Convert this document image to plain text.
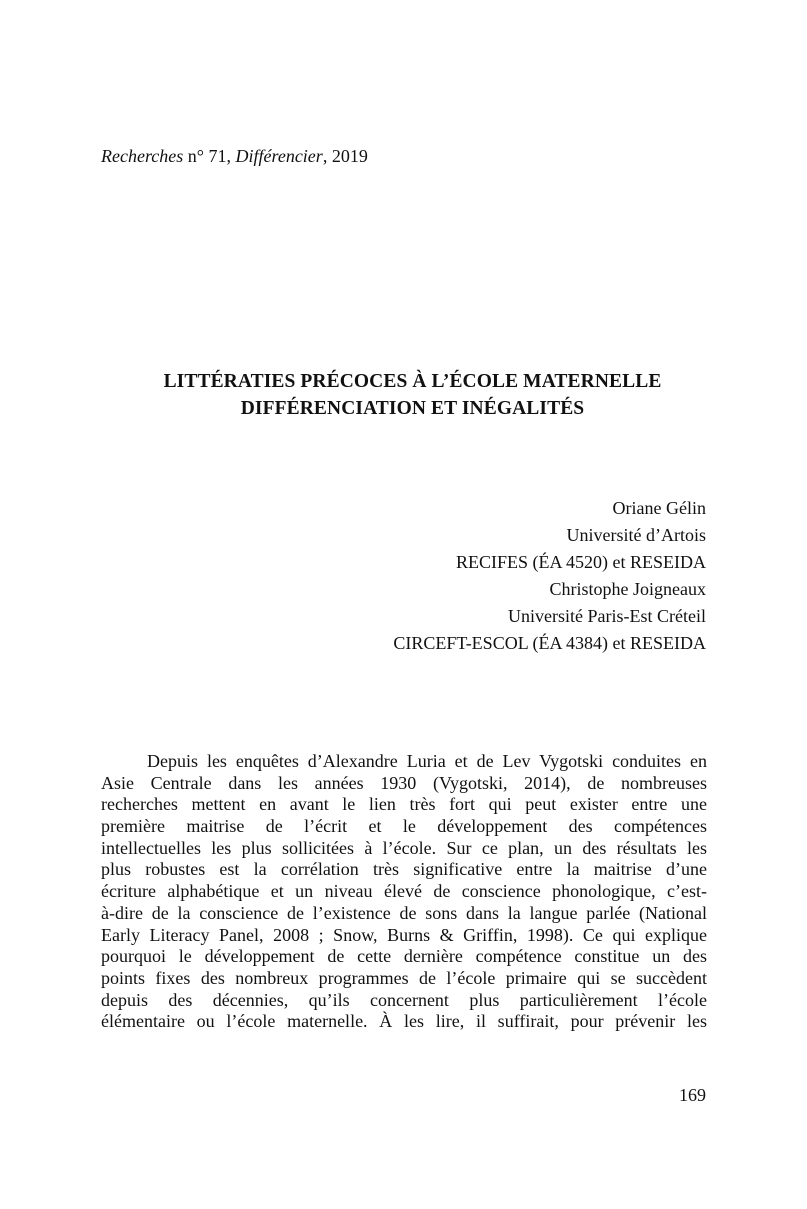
Recherches n° 71, Différencier, 2019
LITTÉRATIES PRÉCOCES À L’ÉCOLE MATERNELLE
DIFFÉRENCIATION ET INÉGALITÉS
Oriane Gélin
Université d’Artois
RECIFES (ÉA 4520) et RESEIDA
Christophe Joigneaux
Université Paris-Est Créteil
CIRCEFT-ESCOL (ÉA 4384) et RESEIDA
Depuis les enquêtes d’Alexandre Luria et de Lev Vygotski conduites en
Asie Centrale dans les années 1930 (Vygotski, 2014), de nombreuses
recherches mettent en avant le lien très fort qui peut exister entre une
première maitrise de l’écrit et le développement des compétences
intellectuelles les plus sollicitées à l’école. Sur ce plan, un des résultats les
plus robustes est la corrélation très significative entre la maitrise d’une
écriture alphabétique et un niveau élevé de conscience phonologique, c’est-
à-dire de la conscience de l’existence de sons dans la langue parlée (National
Early Literacy Panel, 2008 ; Snow, Burns & Griffin, 1998). Ce qui explique
pourquoi le développement de cette dernière compétence constitue un des
points fixes des nombreux programmes de l’école primaire qui se succèdent
depuis des décennies, qu’ils concernent plus particulièrement l’école
élémentaire ou l’école maternelle. À les lire, il suffirait, pour prévenir les
169
